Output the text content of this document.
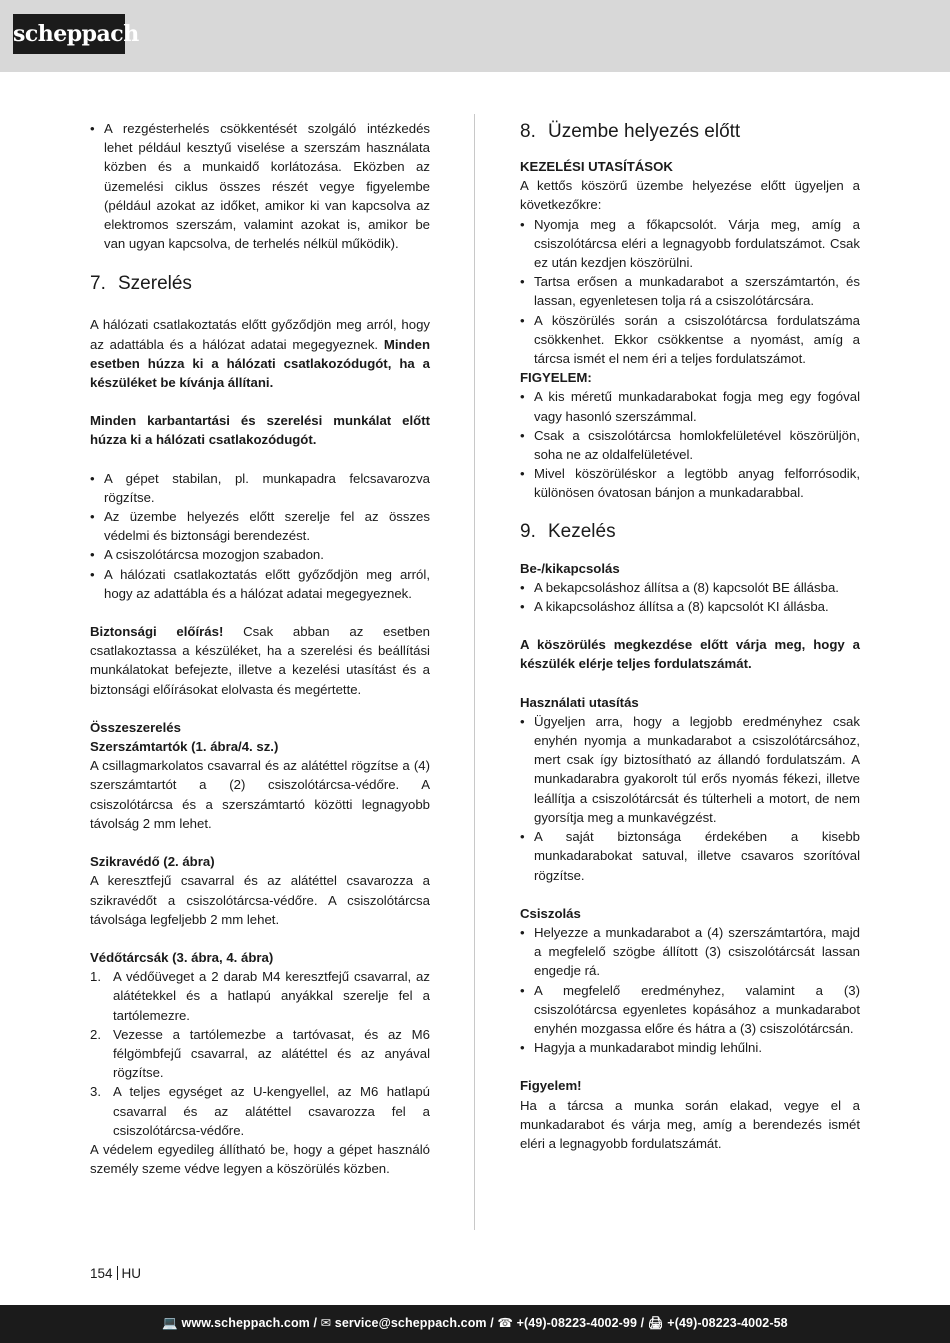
scheppach
• A rezgésterhelés csökkentését szolgáló intézkedés lehet például kesztyű viselése a szerszám használata közben és a munkaidő korlátozása. Eközben az üzemelési ciklus összes részét vegye figyelembe (például azokat az időket, amikor ki van kapcsolva az elektromos szerszám, valamint azokat is, amikor be van ugyan kapcsolva, de terhelés nélkül működik).
7. Szerelés

A hálózati csatlakoztatás előtt győződjön meg arról, hogy az adattábla és a hálózat adatai megegyeznek. Minden esetben húzza ki a hálózati csatlakozódugót, ha a készüléket be kívánja állítani.

Minden karbantartási és szerelési munkálat előtt húzza ki a hálózati csatlakozódugót.

• A gépet stabilan, pl. munkapadra felcsavarozva rögzítse.
• Az üzembe helyezés előtt szerelje fel az összes védelmi és biztonsági berendezést.
• A csiszolótárcsa mozogjon szabadon.
• A hálózati csatlakoztatás előtt győződjön meg arról, hogy az adattábla és a hálózat adatai megegyeznek.

Biztonsági előírás! Csak abban az esetben csatlakoztassa a készüléket, ha a szerelési és beállítási munkálatokat befejezte, illetve a kezelési utasítást és a biztonsági előírásokat elolvasta és megértette.

Összeszerelés

Szerszámtartók (1. ábra/4. sz.)

A csillagmarkolatos csavarral és az alátéttel rögzítse a (4) szerszámtartót a (2) csiszolótárcsa-védőre. A csiszolótárcsa és a szerszámtartó közötti legnagyobb távolság 2 mm lehet.

Szikravédő (2. ábra)

A keresztfejű csavarral és az alátéttel csavarozza a szikravédőt a csiszolótárcsa-védőre. A csiszolótárcsa távolsága legfeljebb 2 mm lehet.

Védőtárcsák (3. ábra, 4. ábra)

1. A védőüveget a 2 darab M4 keresztfejű csavarral, az alátétekkel és a hatlapú anyákkal szerelje fel a tartólemezre.
2. Vezesse a tartólemezbe a tartóvasat, és az M6 félgömbfejű csavarral, az alátéttel és az anyával rögzítse.
3. A teljes egységet az U-kengyellel, az M6 hatlapú csavarral és az alátéttel csavarozza fel a csiszolótárcsa-védőre.

A védelem egyedileg állítható be, hogy a gépet használó személy szeme védve legyen a köszörülés közben.

8. Üzembe helyezés előtt

KEZELÉSI UTASÍTÁSOK

A kettős köszörű üzembe helyezése előtt ügyeljen a következőkre:

• Nyomja meg a főkapcsolót. Várja meg, amíg a csiszolótárcsa eléri a legnagyobb fordulatszámot. Csak ez után kezdjen köszörülni.
• Tartsa erősen a munkadarabot a szerszámtartón, és lassan, egyenletesen tolja rá a csiszolótárcsára.
• A köszörülés során a csiszolótárcsa fordulatszáma csökkenhet. Ekkor csökkentse a nyomást, amíg a tárcsa ismét el nem éri a teljes fordulatszámot.

FIGYELEM:

• A kis méretű munkadarabokat fogja meg egy fogóval vagy hasonló szerszámmal.
• Csak a csiszolótárcsa homlokfelületével köszörüljön, soha ne az oldalfelületével.
• Mivel köszörüléskor a legtöbb anyag felforrósodik, különösen óvatosan bánjon a munkadarabbal.
9. Kezelés

Be-/kikapcsolás

• A bekapcsoláshoz állítsa a (8) kapcsolót BE állásba.
• A kikapcsoláshoz állítsa a (8) kapcsolót KI állásba.

A köszörülés megkezdése előtt várja meg, hogy a készülék elérje teljes fordulatszámát.

Használati utasítás

• Ügyeljen arra, hogy a legjobb eredményhez csak enyhén nyomja a munkadarabot a csiszolótárcsához, mert csak így biztosítható az állandó fordulatszám. A munkadarabra gyakorolt túl erős nyomás fékezi, illetve leállítja a csiszolótárcsát és túlterheli a motort, de nem gyorsítja meg a munkavégzést.
• A saját biztonsága érdekében a kisebb munkadarabokat satuval, illetve csavaros szorítóval rögzítse.

Csiszolás

• Helyezze a munkadarabot a (4) szerszámtartóra, majd a megfelelő szögbe állított (3) csiszolótárcsát lassan engedje rá.
• A megfelelő eredményhez, valamint a (3) csiszolótárcsa egyenletes kopásához a munkadarabot enyhén mozgassa előre és hátra a (3) csiszolótárcsán.
• Hagyja a munkadarabot mindig lehűlni.

Figyelem!

Ha a tárcsa a munka során elakad, vegye el a munkadarabot és várja meg, amíg a berendezés ismét eléri a legnagyobb fordulatszámát.

154 HU
💻 www.scheppach.com / ✉ service@scheppach.com / ☎ +(49)-08223-4002-99 / 🖨 +(49)-08223-4002-58
